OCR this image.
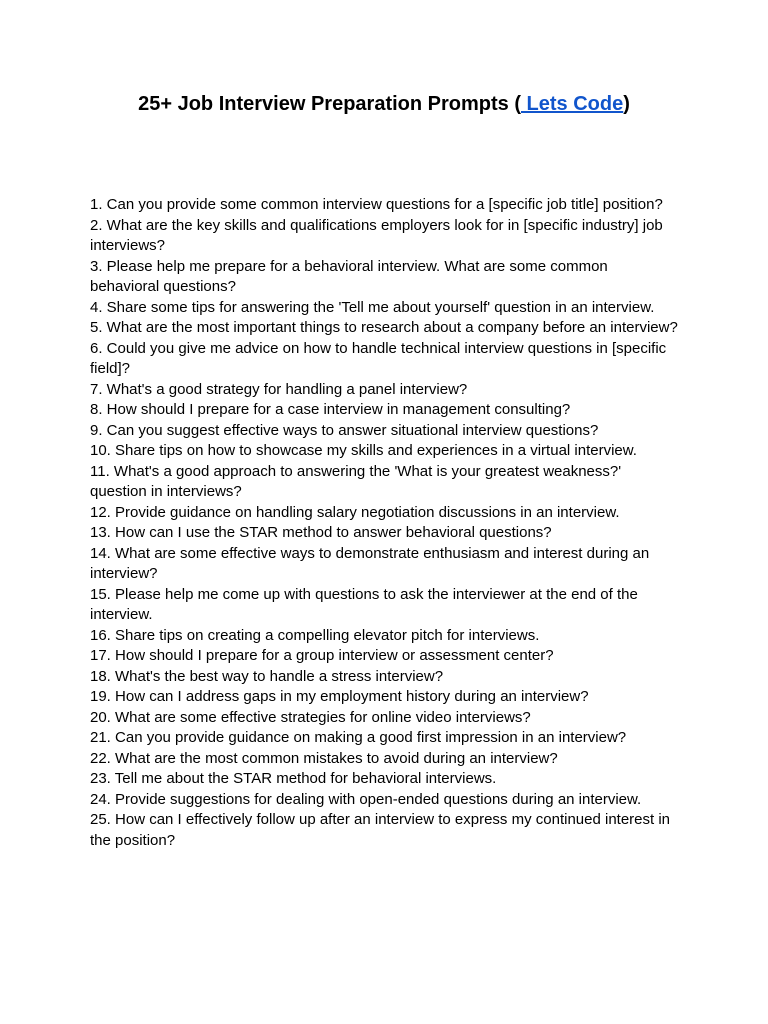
25+ Job Interview Preparation Prompts ( Lets Code)

1. Can you provide some common interview questions for a [specific job title] position?

2. What are the key skills and qualifications employers look for in [specific industry] job interviews?

3. Please help me prepare for a behavioral interview. What are some common behavioral questions?

4. Share some tips for answering the 'Tell me about yourself' question in an interview.

5. What are the most important things to research about a company before an interview?

6. Could you give me advice on how to handle technical interview questions in [specific field]?

7. What's a good strategy for handling a panel interview?

8. How should I prepare for a case interview in management consulting?

9. Can you suggest effective ways to answer situational interview questions?

10. Share tips on how to showcase my skills and experiences in a virtual interview.

11. What's a good approach to answering the 'What is your greatest weakness?' question in interviews?

12. Provide guidance on handling salary negotiation discussions in an interview.

13. How can I use the STAR method to answer behavioral questions?

14. What are some effective ways to demonstrate enthusiasm and interest during an interview?

15. Please help me come up with questions to ask the interviewer at the end of the interview.

16. Share tips on creating a compelling elevator pitch for interviews.

17. How should I prepare for a group interview or assessment center?

18. What's the best way to handle a stress interview?

19. How can I address gaps in my employment history during an interview?

20. What are some effective strategies for online video interviews?

21. Can you provide guidance on making a good first impression in an interview?

22. What are the most common mistakes to avoid during an interview?

23. Tell me about the STAR method for behavioral interviews.

24. Provide suggestions for dealing with open-ended questions during an interview.

25. How can I effectively follow up after an interview to express my continued interest in the position?
